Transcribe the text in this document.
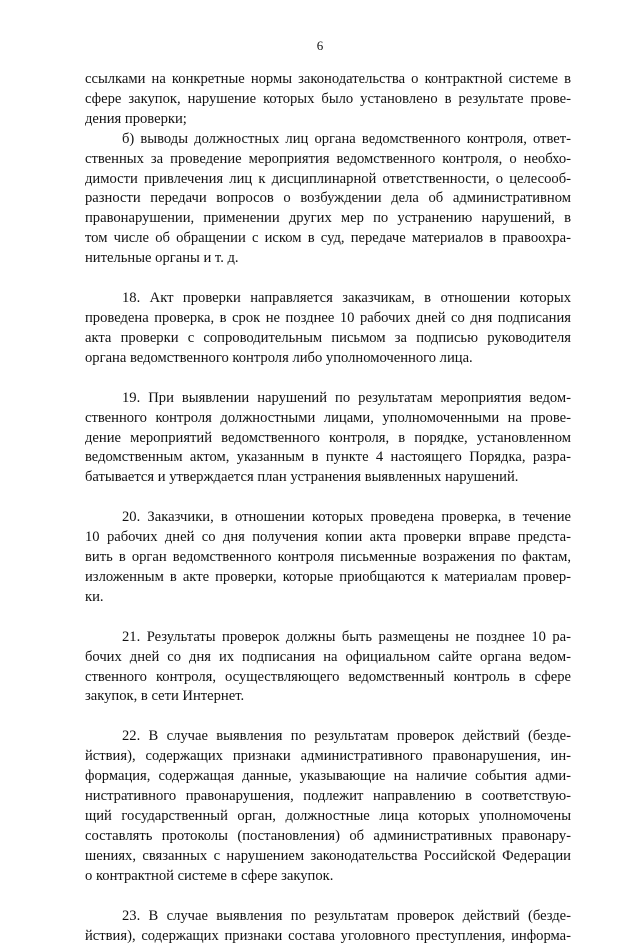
6

ссылками на конкретные нормы законодательства о контрактной системе в
сфере закупок, нарушение которых было установлено в результате прове-
дения проверки;

б) выводы должностных лиц органа ведомственного контроля, ответ-
ственных за проведение мероприятия ведомственного контроля, о необхо-
димости привлечения лиц к дисциплинарной ответственности, о целесооб-
разности передачи вопросов о возбуждении дела об административном
правонарушении, применении других мер по устранению нарушений, в
том числе об обращении с иском в суд, передаче материалов в правоохра-
нительные органы и т. д.

18. Акт проверки направляется заказчикам, в отношении которых
проведена проверка, в срок не позднее 10 рабочих дней со дня подписания
акта проверки с сопроводительным письмом за подписью руководителя
органа ведомственного контроля либо уполномоченного лица.

19. При выявлении нарушений по результатам мероприятия ведом-
ственного контроля должностными лицами, уполномоченными на прове-
дение мероприятий ведомственного контроля, в порядке, установленном
ведомственным актом, указанным в пункте 4 настоящего Порядка, разра-
батывается и утверждается план устранения выявленных нарушений.

20. Заказчики, в отношении которых проведена проверка, в течение
10 рабочих дней со дня получения копии акта проверки вправе предста-
вить в орган ведомственного контроля письменные возражения по фактам,
изложенным в акте проверки, которые приобщаются к материалам провер-
ки.

21. Результаты проверок должны быть размещены не позднее 10 ра-
бочих дней со дня их подписания на официальном сайте органа ведом-
ственного контроля, осуществляющего ведомственный контроль в сфере
закупок, в сети Интернет.

22. В случае выявления по результатам проверок действий (безде-
йствия), содержащих признаки административного правонарушения, ин-
формация, содержащая данные, указывающие на наличие события адми-
нистративного правонарушения, подлежит направлению в соответствую-
щий государственный орган, должностные лица которых уполномочены
составлять протоколы (постановления) об административных правонару-
шениях, связанных с нарушением законодательства Российской Федерации
о контрактной системе в сфере закупок.

23. В случае выявления по результатам проверок действий (безде-
йствия), содержащих признаки состава уголовного преступления, информа-
